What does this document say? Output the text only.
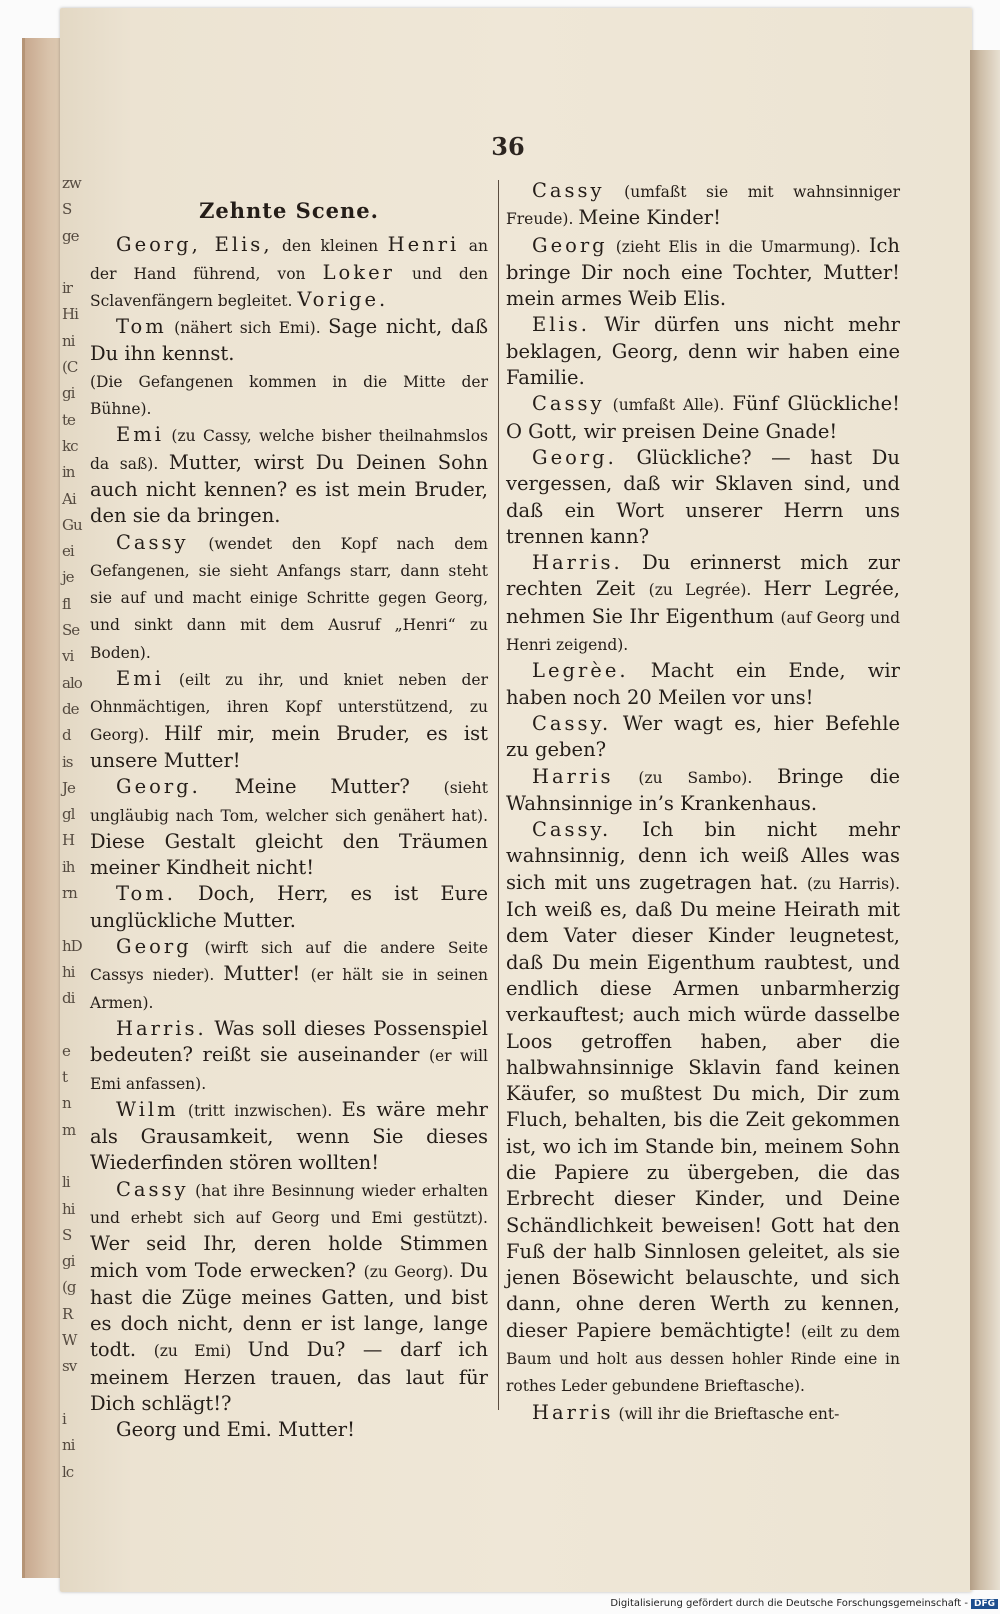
zw
S
ge
ir
Hi
ni
(C
gi
te
kc
in
Ai
Gu
ei
je
fl
Se
vi
alo
de
d
is
Je
gl
H
ih
rn
hD
hi
di
e
t
n
m
li
hi
S
gi
(g
R
W
sv
i
ni
lc
36
Zehnte Scene.

Georg, Elis, den kleinen Henri an der Hand führend, von Loker und den Sclavenfängern begleitet. Vorige.

Tom (nähert sich Emi). Sage nicht, daß Du ihn kennst.

(Die Gefangenen kommen in die Mitte der Bühne).

Emi (zu Cassy, welche bisher theilnahmslos da saß). Mutter, wirst Du Deinen Sohn auch nicht kennen? es ist mein Bruder, den sie da bringen.

Cassy (wendet den Kopf nach dem Gefangenen, sie sieht Anfangs starr, dann steht sie auf und macht einige Schritte gegen Georg, und sinkt dann mit dem Ausruf „Henri“ zu Boden).

Emi (eilt zu ihr, und kniet neben der Ohnmächtigen, ihren Kopf unterstützend, zu Georg). Hilf mir, mein Bruder, es ist unsere Mutter!

Georg. Meine Mutter? (sieht ungläubig nach Tom, welcher sich genähert hat). Diese Gestalt gleicht den Träumen meiner Kindheit nicht!

Tom. Doch, Herr, es ist Eure unglückliche Mutter.

Georg (wirft sich auf die andere Seite Cassys nieder). Mutter! (er hält sie in seinen Armen).

Harris. Was soll dieses Possenspiel bedeuten? reißt sie auseinander (er will Emi anfassen).

Wilm (tritt inzwischen). Es wäre mehr als Grausamkeit, wenn Sie dieses Wiederfinden stören wollten!

Cassy (hat ihre Besinnung wieder erhalten und erhebt sich auf Georg und Emi gestützt). Wer seid Ihr, deren holde Stimmen mich vom Tode erwecken? (zu Georg). Du hast die Züge meines Gatten, und bist es doch nicht, denn er ist lange, lange todt. (zu Emi) Und Du? — darf ich meinem Herzen trauen, das laut für Dich schlägt!?

Georg und Emi. Mutter!

Cassy (umfaßt sie mit wahnsinniger Freude). Meine Kinder!

Georg (zieht Elis in die Umarmung). Ich bringe Dir noch eine Tochter, Mutter! mein armes Weib Elis.

Elis. Wir dürfen uns nicht mehr beklagen, Georg, denn wir haben eine Familie.

Cassy (umfaßt Alle). Fünf Glückliche! O Gott, wir preisen Deine Gnade!

Georg. Glückliche? — hast Du vergessen, daß wir Sklaven sind, und daß ein Wort unserer Herrn uns trennen kann?

Harris. Du erinnerst mich zur rechten Zeit (zu Legrée). Herr Legrée, nehmen Sie Ihr Eigenthum (auf Georg und Henri zeigend).

Legrèe. Macht ein Ende, wir haben noch 20 Meilen vor uns!

Cassy. Wer wagt es, hier Befehle zu geben?

Harris (zu Sambo). Bringe die Wahnsinnige in’s Krankenhaus.

Cassy. Ich bin nicht mehr wahnsinnig, denn ich weiß Alles was sich mit uns zugetragen hat. (zu Harris). Ich weiß es, daß Du meine Heirath mit dem Vater dieser Kinder leugnetest, daß Du mein Eigenthum raubtest, und endlich diese Armen unbarmherzig verkauftest; auch mich würde dasselbe Loos getroffen haben, aber die halbwahnsinnige Sklavin fand keinen Käufer, so mußtest Du mich, Dir zum Fluch, behalten, bis die Zeit gekommen ist, wo ich im Stande bin, meinem Sohn die Papiere zu übergeben, die das Erbrecht dieser Kinder, und Deine Schändlichkeit beweisen! Gott hat den Fuß der halb Sinnlosen geleitet, als sie jenen Bösewicht belauschte, und sich dann, ohne deren Werth zu kennen, dieser Papiere bemächtigte! (eilt zu dem Baum und holt aus dessen hohler Rinde eine in rothes Leder gebundene Brieftasche).

Harris (will ihr die Brieftasche ent-

Digitalisierung gefördert durch die Deutsche Forschungsgemeinschaft - DFG
